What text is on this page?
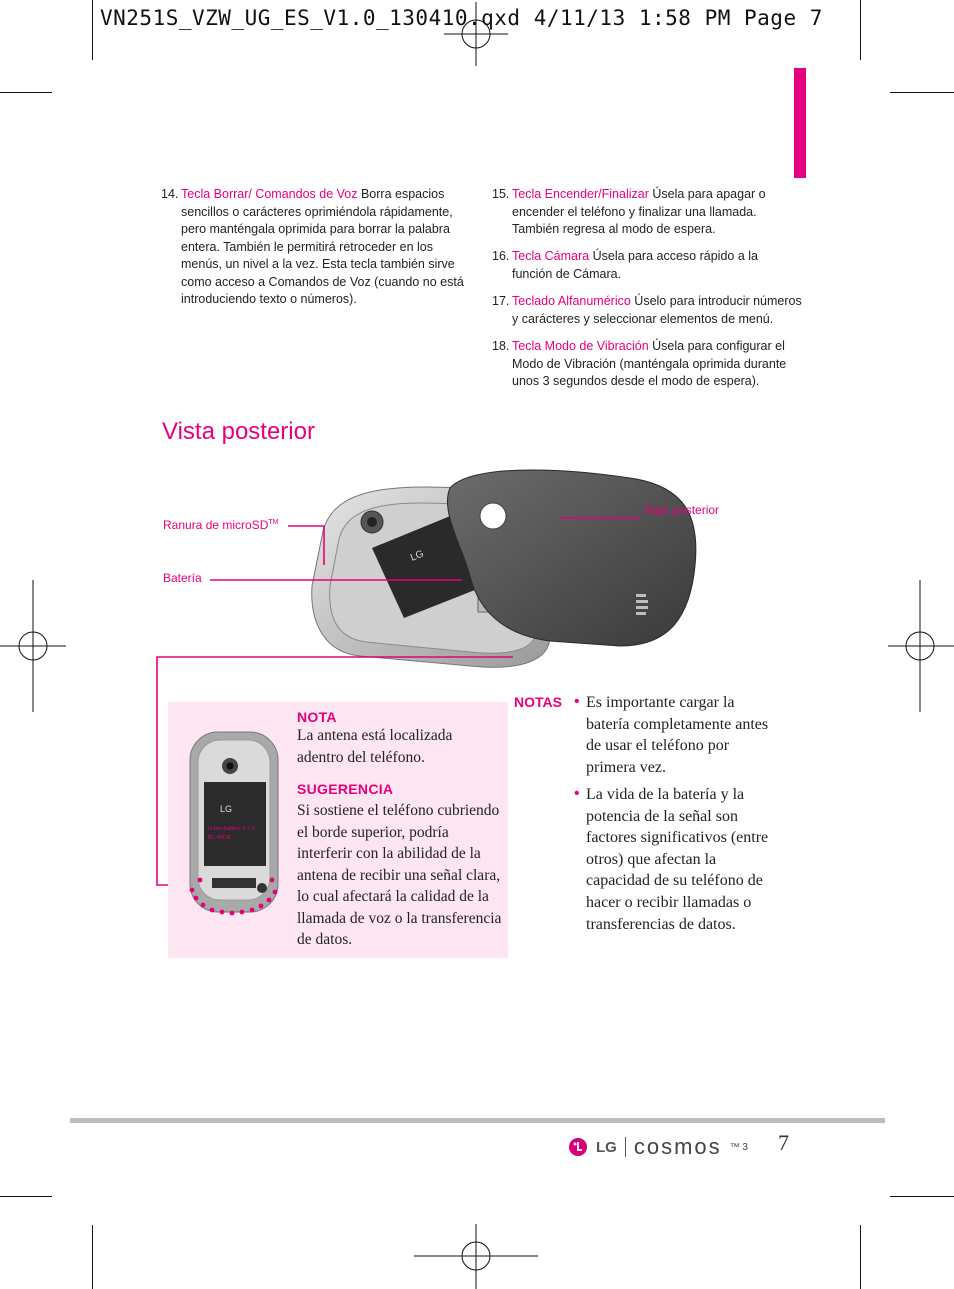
VN251S_VZW_UG_ES_V1.0_130410.qxd 4/11/13 1:58 PM Page 7
14. Tecla Borrar/ Comandos de Voz Borra espacios
sencillos o carácteres oprimiéndola rápidamente,
pero manténgala oprimida para borrar la palabra
entera. También le permitirá retroceder en los
menús, un nivel a la vez. Esta tecla también sirve
como acceso a Comandos de Voz (cuando no está
introduciendo texto o números).
15. Tecla Encender/Finalizar Úsela para apagar o
encender el teléfono y finalizar una llamada.
También regresa al modo de espera.
16. Tecla Cámara Úsela para acceso rápido a la
función de Cámara.
17. Teclado Alfanumérico Úselo para introducir números
y carácteres y seleccionar elementos de menú.
18. Tecla Modo de Vibración Úsela para configurar el
Modo de Vibración (manténgala oprimida durante
unos 3 segundos desde el modo de espera).
Vista posterior
LG
Ranura de microSD™
Batería
Tapa posterior
LG
Li-Ion Battery 3.7 V
BL-46CN
NOTA
La antena está localizada
adentro del teléfono.
SUGERENCIA
Si sostiene el teléfono cubriendo
el borde superior, podría
interferir con la abilidad de la
antena de recibir una señal clara,
lo cual afectará la calidad de la
llamada de voz o la transferencia
de datos.
NOTAS • Es importante cargar la
batería completamente antes
de usar el teléfono por
primera vez.
• La vida de la batería y la
potencia de la señal son
factores significativos (entre
otros) que afectan la
capacidad de su teléfono de
hacer o recibir llamadas o
transferencias de datos.
LG cosmos ™ 3 7
